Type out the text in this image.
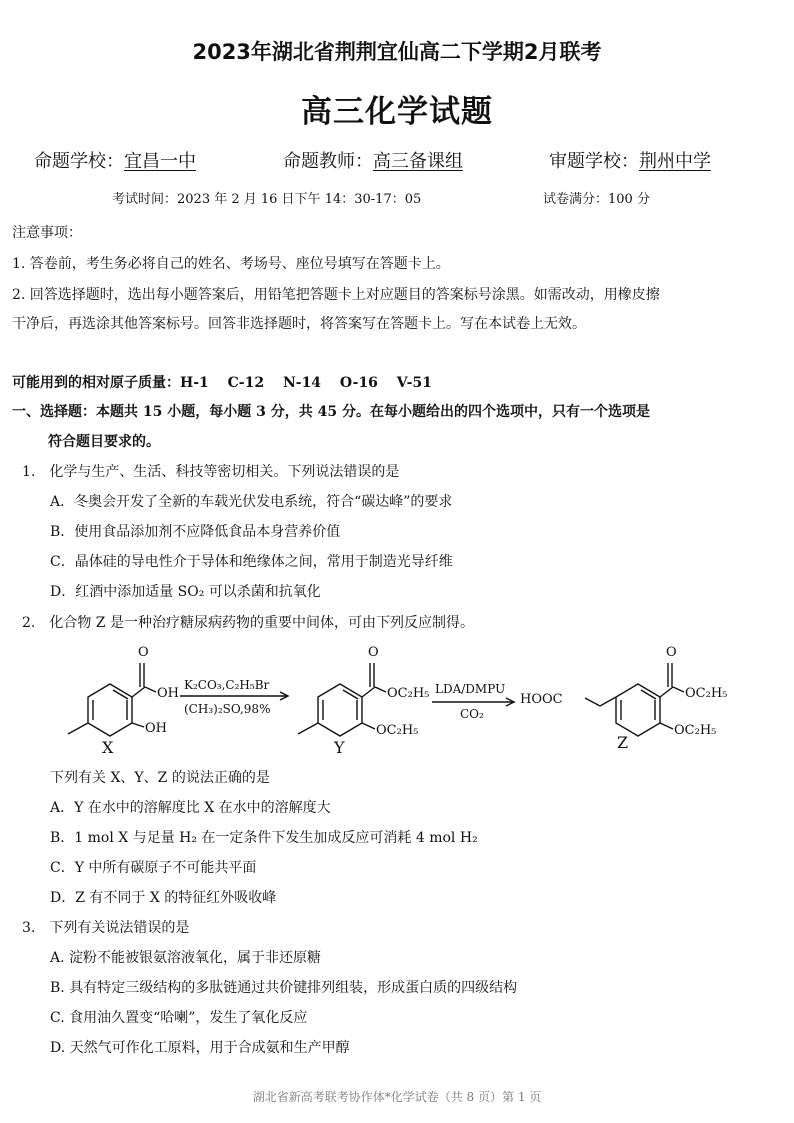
2023年湖北省荆荆宜仙高二下学期2月联考
高三化学试题
命题学校：宜昌一中	命题教师：高三备课组	审题学校：荆州中学
考试时间：2023 年 2 月 16 日下午 14：30-17：05	试卷满分：100 分
注意事项：
1. 答卷前，考生务必将自己的姓名、考场号、座位号填写在答题卡上。
2. 回答选择题时，选出每小题答案后，用铅笔把答题卡上对应题目的答案标号涂黑。如需改动，用橡皮擦
干净后，再选涂其他答案标号。回答非选择题时，将答案写在答题卡上。写在本试卷上无效。
可能用到的相对原子质量：H-1　 C-12　 N-14　 O-16　 V-51
一、选择题：本题共 15 小题，每小题 3 分，共 45 分。在每小题给出的四个选项中，只有一个选项是
符合题目要求的。
1.　化学与生产、生活、科技等密切相关。下列说法错误的是
A．冬奥会开发了全新的车载光伏发电系统，符合“碳达峰”的要求
B．使用食品添加剂不应降低食品本身营养价值
C．晶体硅的导电性介于导体和绝缘体之间，常用于制造光导纤维
D．红酒中添加适量 SO₂ 可以杀菌和抗氧化
2.　化合物 Z 是一种治疗糖尿病药物的重要中间体，可由下列反应制得。
O
OH
OH
K₂CO₃,C₂H₅Br
(CH₃)₂SO,98%
O
OC₂H₅
OC₂H₅
LDA/DMPU
CO₂
O
OC₂H₅
OC₂H₅
HOOC
X	Y	Z
下列有关 X、Y、Z 的说法正确的是
A．Y 在水中的溶解度比 X 在水中的溶解度大
B．1 mol X 与足量 H₂ 在一定条件下发生加成反应可消耗 4 mol H₂
C．Y 中所有碳原子不可能共平面
D．Z 有不同于 X 的特征红外吸收峰
3.　下列有关说法错误的是
A. 淀粉不能被银氨溶液氧化，属于非还原糖
B. 具有特定三级结构的多肽链通过共价键排列组装，形成蛋白质的四级结构
C. 食用油久置变“哈喇”，发生了氧化反应
D. 天然气可作化工原料，用于合成氨和生产甲醇
湖北省新高考联考协作体*化学试卷（共 8 页）第 1 页
